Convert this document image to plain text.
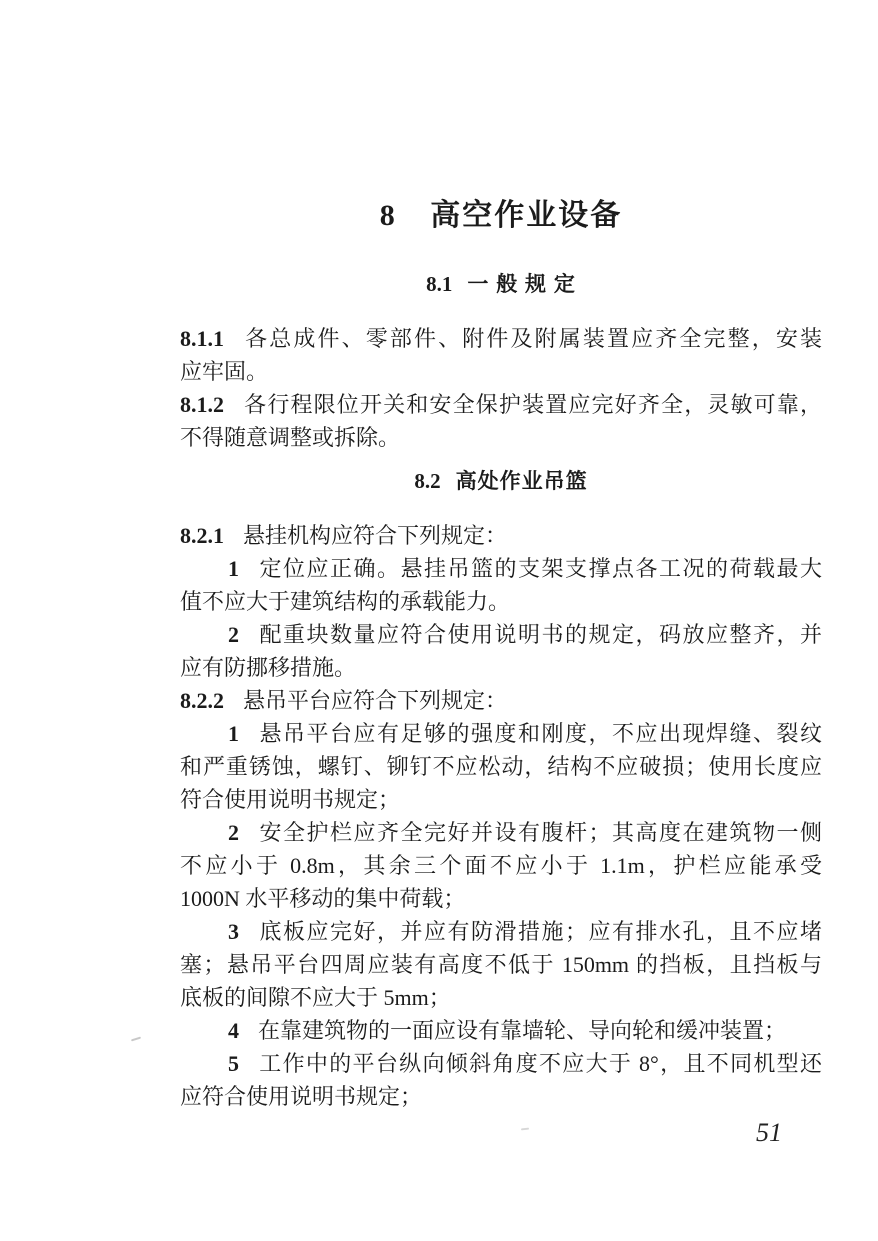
8 高空作业设备
8.1 一 般 规 定
8.1.1 各总成件、零部件、附件及附属装置应齐全完整，安装
应牢固。
8.1.2 各行程限位开关和安全保护装置应完好齐全，灵敏可靠，
不得随意调整或拆除。
8.2 高处作业吊篮
8.2.1 悬挂机构应符合下列规定：
1 定位应正确。悬挂吊篮的支架支撑点各工况的荷载最大
值不应大于建筑结构的承载能力。
2 配重块数量应符合使用说明书的规定，码放应整齐，并
应有防挪移措施。
8.2.2 悬吊平台应符合下列规定：
1 悬吊平台应有足够的强度和刚度，不应出现焊缝、裂纹
和严重锈蚀，螺钉、铆钉不应松动，结构不应破损；使用长度应
符合使用说明书规定；
2 安全护栏应齐全完好并设有腹杆；其高度在建筑物一侧
不应小于 0.8m，其余三个面不应小于 1.1m，护栏应能承受
1000N 水平移动的集中荷载；
3 底板应完好，并应有防滑措施；应有排水孔，且不应堵
塞；悬吊平台四周应装有高度不低于 150mm 的挡板，且挡板与
底板的间隙不应大于 5mm；
4 在靠建筑物的一面应设有靠墙轮、导向轮和缓冲装置；
5 工作中的平台纵向倾斜角度不应大于 8°，且不同机型还
应符合使用说明书规定；
51
